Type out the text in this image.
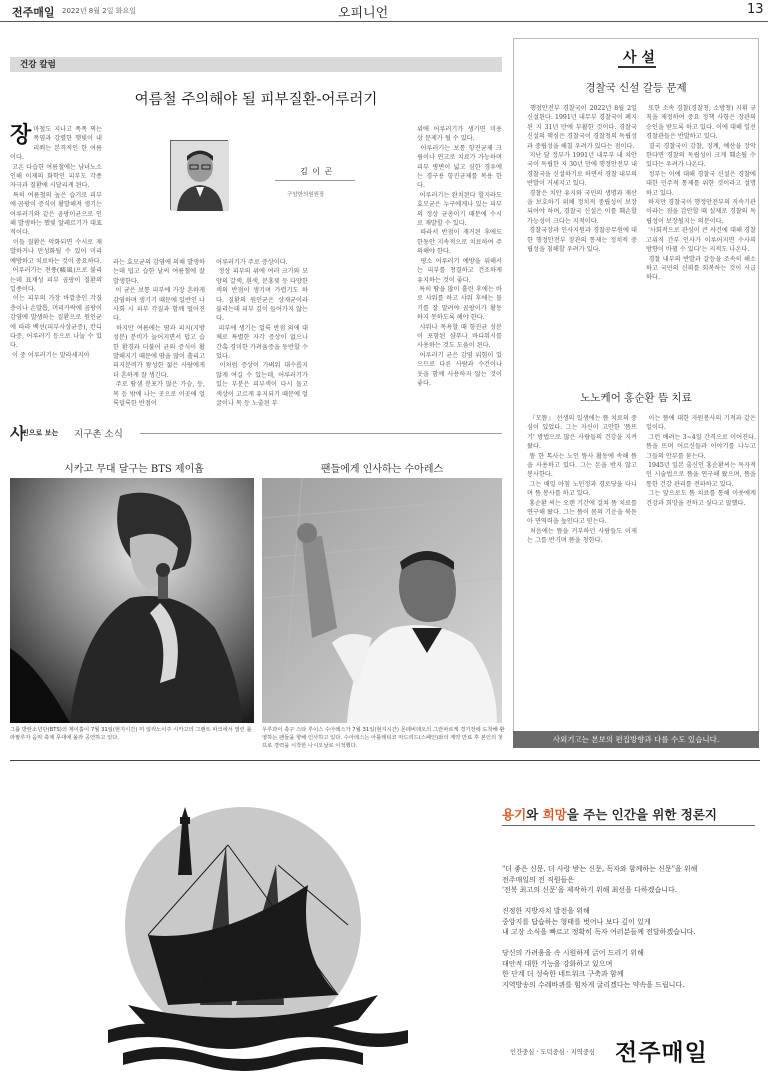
전주매일 2022년 8월 2일 화요일	오피니언	13
건강 칼럼
여름철 주의해야 될 피부질환-어루러기
장마철도 지나고 폭폭 찌는 폭염과 강렬한 햇빛이 내리쬐는 본격적인 한 여름이다.
고온 다습한 여름철에는 남녀노소 인해 이제의 화학인 피부도 각종 자극과 질환에 시달리게 된다.
특히 여름철의 높은 습기로 피부에 곰팡이 증식이 활발해져 생기는 어루러기와 같은 곰팡이균으로 인해 발생하는 했빛 알레르기가 대표적이다.
이들 질환은 악화되면 수시로 재발하거나 만성화될 수 있어 미리 예방하고 치료하는 것이 중요하다.
어루러기는 전풍(癜風)으로 불리는데 표재성 피부 곰팡이 질환의 일종이다.
이는 피부의 가장 바깥층인 각질층이나 손발톱, 머리카락에 곰팡이 감염에 발생하는 질환으로 원인균에 따라 백선(피부사상균증), 칸디다증, 어루러기 등으로 나눌 수 있다.
이 중 어루러기는 말라세지아
김 이 곤
구암한의원원장
라는 효모균의 감염에 의해 발생하는데 덥고 습한 날씨 여름철에 잘 발생한다.
이 균은 보통 피부에 가장 흔하게 감염하며 생기기 때문에 일반인 나 사회 시 피부 각질과 함께 떨어진다.
하지만 여름에는 땀과 피지(지방성분) 분비가 늘어지면서 덥고 습한 환경과 더불어 균의 증식이 활발해지기 때문에 땀을 많이 흘리고 피지분비가 왕성한 젊은 사람에게 더 흔하게 잘 생긴다.
주로 땀샘 분포가 많은 가슴, 등, 목 등 밖에 나는 곳으로 이곳에 얼룩덜룩한 반점이
어루러기가 주로 증상이다.
정상 피부의 위에 여러 크기와 모양의 갈색, 흰색, 분홍빛 등 다양한 색의 반점이 생기며 가렵기도 하다. 질환의 원인균은 상재균이라 불리는데 피부 깊이 들어가지 않는다.
피부에 생기는 얼룩 반점 외에 대체로 특별한 자각 증상이 없으나 간혹 경미한 가려움증을 동반할 수 있다.
이처럼 증상이 가벼워 대수롭지 않게 여길 수 있는데, 어루러기가 있는 부분은 피부색이 다시 돌고 색상이 고르게 유지되기 때문에 얼굴이나 목 등 노출된 부
위에 어루러기가 생기면 미용 상 문제가 될 수 있다.
어루러기는 보통 항진균제 크림이나 연고로 치료가 가능하며 피부 병변이 넓고 심한 경우에는 경구용 항진균제를 복용 한다.
어루러기는 완치된다 할지라도 효모균은 누구에게나 있는 피부의 정상 균총이기 때문에 수시로 재발할 수 있다.
따라서 반점이 재거된 후에도 한동안 지속적으로 치료하여 주의해야 한다.
평소 어루러기 예방을 위해서는 피부를 청결하고 건조하게 유지하는 것이 좋다.
특히 땀을 많이 흘린 후에는 바로 샤워를 하고 샤워 후에는 물기를 잘 말려야 곰팡이가 활동하지 못하도록 해야 한다.
샤워나 목욕할 때 항진균 성분이 포함된 샴푸나 바디워시를 사용하는 것도 도움이 된다.
어루러기 균은 감염 위험이 있으므로 다른 사람과 수건이나 옷을 함께 사용하지 않는 것이 좋다.
사
진으로 보는 지구촌 소식
시카고 무대 달구는 BTS 제이홉	팬들에게 인사하는 수아레스
그룹 방탄소년단(BTS)의 제이홉이 7월 31일(현지시간) 미 일리노이주 시카고의 그랜트 파크에서 열린 롤라팔루자 음악 축제 무대에 올라 공연하고 있다.
우루과이 축구 스타 루이스 수아레스가 7월 31일(현지시간) 몬테비데오의 그란파르케 경기장에 도착해 환영하는 팬들을 향해 인사하고 있다. 수아레스는 아틀레티코 마드리드(스페인)와의 계약 만료 후 본인의 첫 프로 경력을 시작한 나시오날로 이적했다.
사 설
경찰국 신설 갈등 문제
행정안전부 경찰국이 2022년 8월 2일 신설된다. 1991년 내무부 경찰국이 폐지된 지 31년 만에 부활한 것이다. 경찰국 신설의 핵심은 경찰국이 경찰청의 독립성과 중립성을 해칠 우려가 있다는 점이다.
지난 달 정부가 1991년 내무부 내 치안국이 독립한 지 30년 만에 행정안전부 내 경찰국을 신설하기로 하면서 경찰 내부의 반발이 거세지고 있다.
경찰은 치안 유지와 국민의 생명과 재산을 보호하기 위해 정치적 중립성이 보장되어야 하며, 경찰국 신설은 이를 훼손할 가능성이 크다는 지적이다.
경찰국장과 인사지원과 경찰공무원에 대한 행정안전부 장관의 통제는 정치적 중립성을 침해할 우려가 있다.
또한 소속 경찰(경찰청, 소방청) 지휘 규칙을 제정하여 중요 정책 사항은 장관의 승인을 받도록 하고 있다. 이에 대해 일선 경찰관들은 반발하고 있다.
결국 경찰국이 감찰, 징계, 예산을 장악한다면 경찰의 독립성이 크게 훼손될 수 있다는 우려가 나온다.
정부는 이에 대해 경찰국 신설은 경찰에 대한 민주적 통제를 위한 것이라고 설명하고 있다.
하지만 경찰국이 행정안전부의 직속기관이라는 점을 감안할 때 실제로 경찰의 독립성이 보장될지는 의문이다.
'사회적으로 관심이 큰 사건에 대해 경찰 고위직 간부 인사가 이루어지면 수사의 방향이 바뀔 수 있다'는 지적도 나온다.
경찰 내부의 반발과 갈등을 조속히 해소하고 국민의 신뢰를 회복하는 것이 시급하다.
노노케어 홍순환 뜸 치료
『모뜸』 선생의 일생에는 뜸 치료의 중심이 있었다. 그는 자신이 고안한 '뜸뜨기' 방법으로 많은 사람들의 건강을 지켜왔다.
뜸 한 톡사는 노인 뜸사 활동에 속해 뜸을 사용하고 있다. 그는 돈을 받지 않고 봉사한다.
그는 매일 아침 노인정과 경로당을 다니며 뜸 봉사를 하고 있다.
홍순환 씨는 오랜 기간에 걸쳐 뜸 치료를 연구해 왔다. 그는 뜸이 몸의 기운을 북돋아 면역력을 높인다고 믿는다.
처음에는 뜸을 거부하던 사람들도 이제는 그를 반기며 뜸을 청한다.
이는 뜸에 대한 자원봉사의 기적과 같은 일이다.
그런 배려는 3~4일 간격으로 이어진다. 뜸을 뜨며 어르신들과 이야기를 나누고 그들의 안부를 묻는다.
1945년 일본 출신인 홍순환씨는 독자적인 시술법으로 뜸을 연구해 왔으며, 뜸을 통한 건강 관리를 전파하고 있다.
그는 앞으로도 뜸 치료를 통해 이웃에게 건강과 희망을 전하고 싶다고 말했다.
사외기고는 본보의 편집방향과 다를 수도 있습니다.
용기와 희망을 주는 인간을 위한 정론지
"더 좋은 신문, 더 사랑 받는 신문, 독자와 함께하는 신문"을 위해
전주매일의 전 직원들은
'전북 최고의 신문'을 제작하기 위해 최선을 다하겠습니다.

진정한 지방자치 발전을 위해
중앙지를 답습하는 형태를 벗어나 보다 깊이 있게
내 고장 소식을 빠르고 정확히 독자 여러분들께 전달하겠습니다.

당신의 가려움을 속 시원하게 긁어 드리기 위해
대안적 대한 기능을 강화하고 있으며
한 단계 더 성숙한 네트워크 구축과 함께
지역방송의 수레바퀴를 힘차게 굴리겠다는 약속을 드립니다.
인간중심 · 도덕중심 · 지역중심 전주매일
